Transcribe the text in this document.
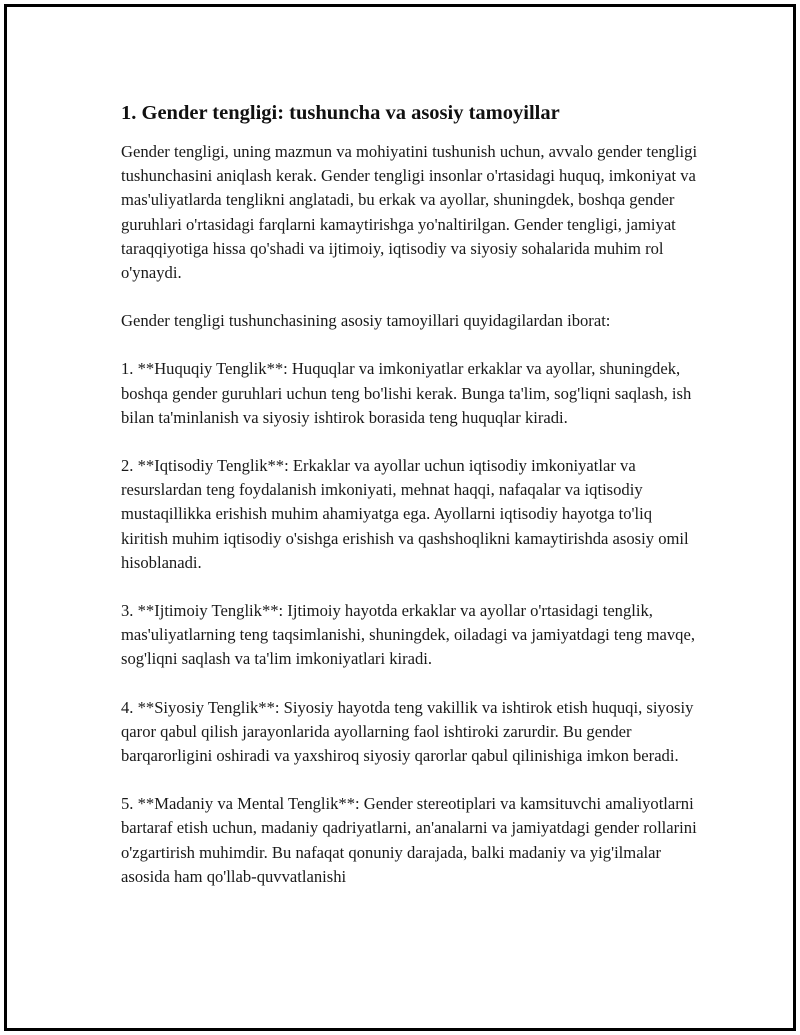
1. Gender tengligi: tushuncha va asosiy tamoyillar

Gender tengligi, uning mazmun va mohiyatini tushunish uchun, avvalo gender tengligi tushunchasini aniqlash kerak. Gender tengligi insonlar o'rtasidagi huquq, imkoniyat va mas'uliyatlarda tenglikni anglatadi, bu erkak va ayollar, shuningdek, boshqa gender guruhlari o'rtasidagi farqlarni kamaytirishga yo'naltirilgan. Gender tengligi, jamiyat taraqqiyotiga hissa qo'shadi va ijtimoiy, iqtisodiy va siyosiy sohalarida muhim rol o'ynaydi.

Gender tengligi tushunchasining asosiy tamoyillari quyidagilardan iborat:

1. **Huquqiy Tenglik**: Huquqlar va imkoniyatlar erkaklar va ayollar, shuningdek, boshqa gender guruhlari uchun teng bo'lishi kerak. Bunga ta'lim, sog'liqni saqlash, ish bilan ta'minlanish va siyosiy ishtirok borasida teng huquqlar kiradi.

2. **Iqtisodiy Tenglik**: Erkaklar va ayollar uchun iqtisodiy imkoniyatlar va resurslardan teng foydalanish imkoniyati, mehnat haqqi, nafaqalar va iqtisodiy mustaqillikka erishish muhim ahamiyatga ega. Ayollarni iqtisodiy hayotga to'liq kiritish muhim iqtisodiy o'sishga erishish va qashshoqlikni kamaytirishda asosiy omil hisoblanadi.

3. **Ijtimoiy Tenglik**: Ijtimoiy hayotda erkaklar va ayollar o'rtasidagi tenglik, mas'uliyatlarning teng taqsimlanishi, shuningdek, oiladagi va jamiyatdagi teng mavqe, sog'liqni saqlash va ta'lim imkoniyatlari kiradi.

4. **Siyosiy Tenglik**: Siyosiy hayotda teng vakillik va ishtirok etish huquqi, siyosiy qaror qabul qilish jarayonlarida ayollarning faol ishtiroki zarurdir. Bu gender barqarorligini oshiradi va yaxshiroq siyosiy qarorlar qabul qilinishiga imkon beradi.

5. **Madaniy va Mental Tenglik**: Gender stereotiplari va kamsituvchi amaliyotlarni bartaraf etish uchun, madaniy qadriyatlarni, an'analarni va jamiyatdagi gender rollarini o'zgartirish muhimdir. Bu nafaqat qonuniy darajada, balki madaniy va yig'ilmalar asosida ham qo'llab-quvvatlanishi
